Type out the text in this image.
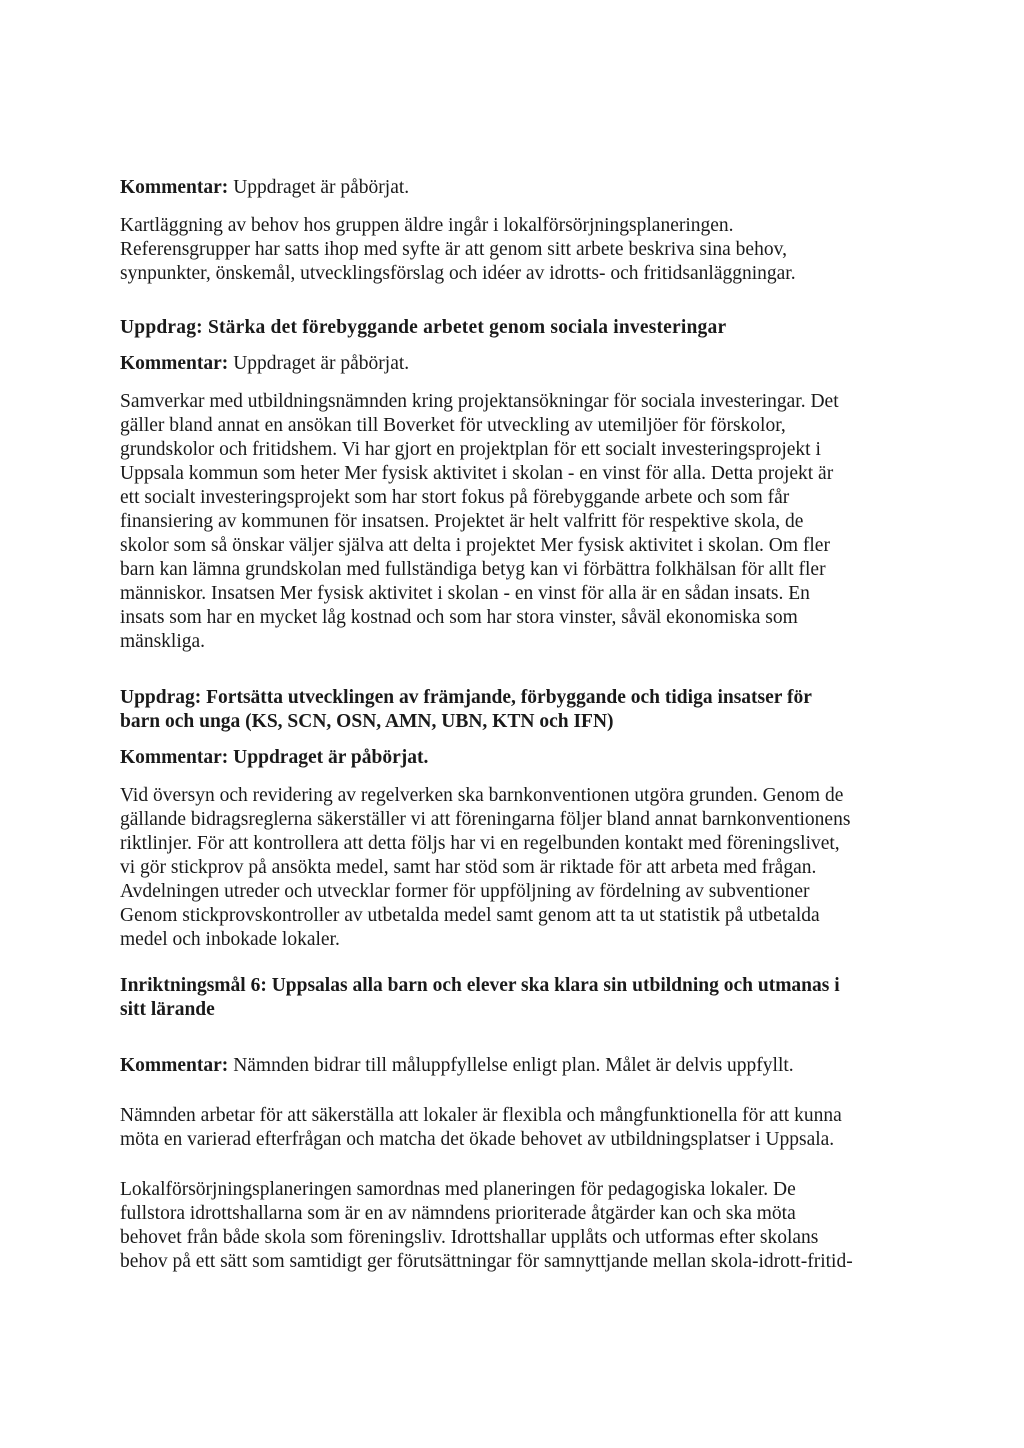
Kommentar: Uppdraget är påbörjat.

Kartläggning av behov hos gruppen äldre ingår i lokalförsörjningsplaneringen.
Referensgrupper har satts ihop med syfte är att genom sitt arbete beskriva sina behov,
synpunkter, önskemål, utvecklingsförslag och idéer av idrotts- och fritidsanläggningar.

Uppdrag: Stärka det förebyggande arbetet genom sociala investeringar

Kommentar: Uppdraget är påbörjat.

Samverkar med utbildningsnämnden kring projektansökningar för sociala investeringar. Det
gäller bland annat en ansökan till Boverket för utveckling av utemiljöer för förskolor,
grundskolor och fritidshem. Vi har gjort en projektplan för ett socialt investeringsprojekt i
Uppsala kommun som heter Mer fysisk aktivitet i skolan - en vinst för alla. Detta projekt är
ett socialt investeringsprojekt som har stort fokus på förebyggande arbete och som får
finansiering av kommunen för insatsen. Projektet är helt valfritt för respektive skola, de
skolor som så önskar väljer själva att delta i projektet Mer fysisk aktivitet i skolan. Om fler
barn kan lämna grundskolan med fullständiga betyg kan vi förbättra folkhälsan för allt fler
människor. Insatsen Mer fysisk aktivitet i skolan - en vinst för alla är en sådan insats. En
insats som har en mycket låg kostnad och som har stora vinster, såväl ekonomiska som
mänskliga.

Uppdrag: Fortsätta utvecklingen av främjande, förbyggande och tidiga insatser för
barn och unga (KS, SCN, OSN, AMN, UBN, KTN och IFN)

Kommentar: Uppdraget är påbörjat.

Vid översyn och revidering av regelverken ska barnkonventionen utgöra grunden. Genom de
gällande bidragsreglerna säkerställer vi att föreningarna följer bland annat barnkonventionens
riktlinjer. För att kontrollera att detta följs har vi en regelbunden kontakt med föreningslivet,
vi gör stickprov på ansökta medel, samt har stöd som är riktade för att arbeta med frågan.
Avdelningen utreder och utvecklar former för uppföljning av fördelning av subventioner
Genom stickprovskontroller av utbetalda medel samt genom att ta ut statistik på utbetalda
medel och inbokade lokaler.

Inriktningsmål 6: Uppsalas alla barn och elever ska klara sin utbildning och utmanas i
sitt lärande

Kommentar: Nämnden bidrar till måluppfyllelse enligt plan. Målet är delvis uppfyllt.

Nämnden arbetar för att säkerställa att lokaler är flexibla och mångfunktionella för att kunna
möta en varierad efterfrågan och matcha det ökade behovet av utbildningsplatser i Uppsala.

Lokalförsörjningsplaneringen samordnas med planeringen för pedagogiska lokaler. De
fullstora idrottshallarna som är en av nämndens prioriterade åtgärder kan och ska möta
behovet från både skola som föreningsliv. Idrottshallar upplåts och utformas efter skolans
behov på ett sätt som samtidigt ger förutsättningar för samnyttjande mellan skola-idrott-fritid-
